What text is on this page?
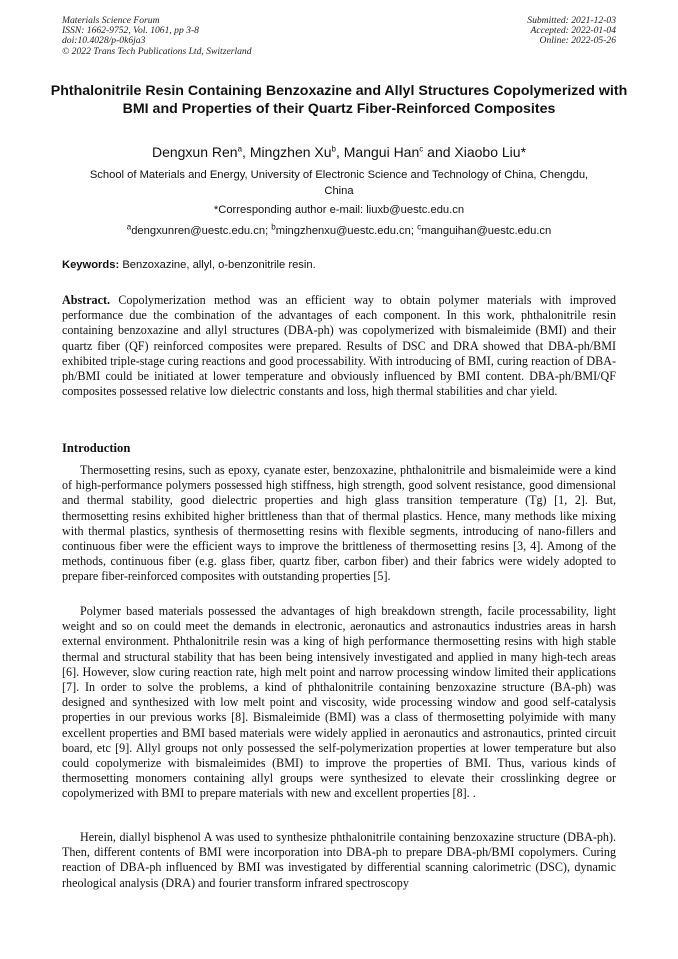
Materials Science Forum
ISSN: 1662-9752, Vol. 1061, pp 3-8
doi:10.4028/p-0k6ja3
© 2022 Trans Tech Publications Ltd, Switzerland
Submitted: 2021-12-03
Accepted: 2022-01-04
Online: 2022-05-26
Phthalonitrile Resin Containing Benzoxazine and Allyl Structures Copolymerized with BMI and Properties of their Quartz Fiber-Reinforced Composites
Dengxun Ren$^a$, Mingzhen Xu$^b$, Mangui Han$^c$ and Xiaobo Liu*
School of Materials and Energy, University of Electronic Science and Technology of China, Chengdu, China
*Corresponding author e-mail: liuxb@uestc.edu.cn
$^a$dengxunren@uestc.edu.cn; $^b$mingzhenxu@uestc.edu.cn; $^c$manguihan@uestc.edu.cn
Keywords: Benzoxazine, allyl, o-benzonitrile resin.
Abstract. Copolymerization method was an efficient way to obtain polymer materials with improved performance due the combination of the advantages of each component. In this work, phthalonitrile resin containing benzoxazine and allyl structures (DBA-ph) was copolymerized with bismaleimide (BMI) and their quartz fiber (QF) reinforced composites were prepared. Results of DSC and DRA showed that DBA-ph/BMI exhibited triple-stage curing reactions and good processability. With introducing of BMI, curing reaction of DBA-ph/BMI could be initiated at lower temperature and obviously influenced by BMI content. DBA-ph/BMI/QF composites possessed relative low dielectric constants and loss, high thermal stabilities and char yield.
Introduction
Thermosetting resins, such as epoxy, cyanate ester, benzoxazine, phthalonitrile and bismaleimide were a kind of high-performance polymers possessed high stiffness, high strength, good solvent resistance, good dimensional and thermal stability, good dielectric properties and high glass transition temperature (Tg) [1, 2]. But, thermosetting resins exhibited higher brittleness than that of thermal plastics. Hence, many methods like mixing with thermal plastics, synthesis of thermosetting resins with flexible segments, introducing of nano-fillers and continuous fiber were the efficient ways to improve the brittleness of thermosetting resins [3, 4]. Among of the methods, continuous fiber (e.g. glass fiber, quartz fiber, carbon fiber) and their fabrics were widely adopted to prepare fiber-reinforced composites with outstanding properties [5].
Polymer based materials possessed the advantages of high breakdown strength, facile processability, light weight and so on could meet the demands in electronic, aeronautics and astronautics industries areas in harsh external environment. Phthalonitrile resin was a king of high performance thermosetting resins with high stable thermal and structural stability that has been being intensively investigated and applied in many high-tech areas [6]. However, slow curing reaction rate, high melt point and narrow processing window limited their applications [7]. In order to solve the problems, a kind of phthalonitrile containing benzoxazine structure (BA-ph) was designed and synthesized with low melt point and viscosity, wide processing window and good self-catalysis properties in our previous works [8]. Bismaleimide (BMI) was a class of thermosetting polyimide with many excellent properties and BMI based materials were widely applied in aeronautics and astronautics, printed circuit board, etc [9]. Allyl groups not only possessed the self-polymerization properties at lower temperature but also could copolymerize with bismaleimides (BMI) to improve the properties of BMI. Thus, various kinds of thermosetting monomers containing allyl groups were synthesized to elevate their crosslinking degree or copolymerized with BMI to prepare materials with new and excellent properties [8]. .
Herein, diallyl bisphenol A was used to synthesize phthalonitrile containing benzoxazine structure (DBA-ph). Then, different contents of BMI were incorporation into DBA-ph to prepare DBA-ph/BMI copolymers. Curing reaction of DBA-ph influenced by BMI was investigated by differential scanning calorimetric (DSC), dynamic rheological analysis (DRA) and fourier transform infrared spectroscopy
